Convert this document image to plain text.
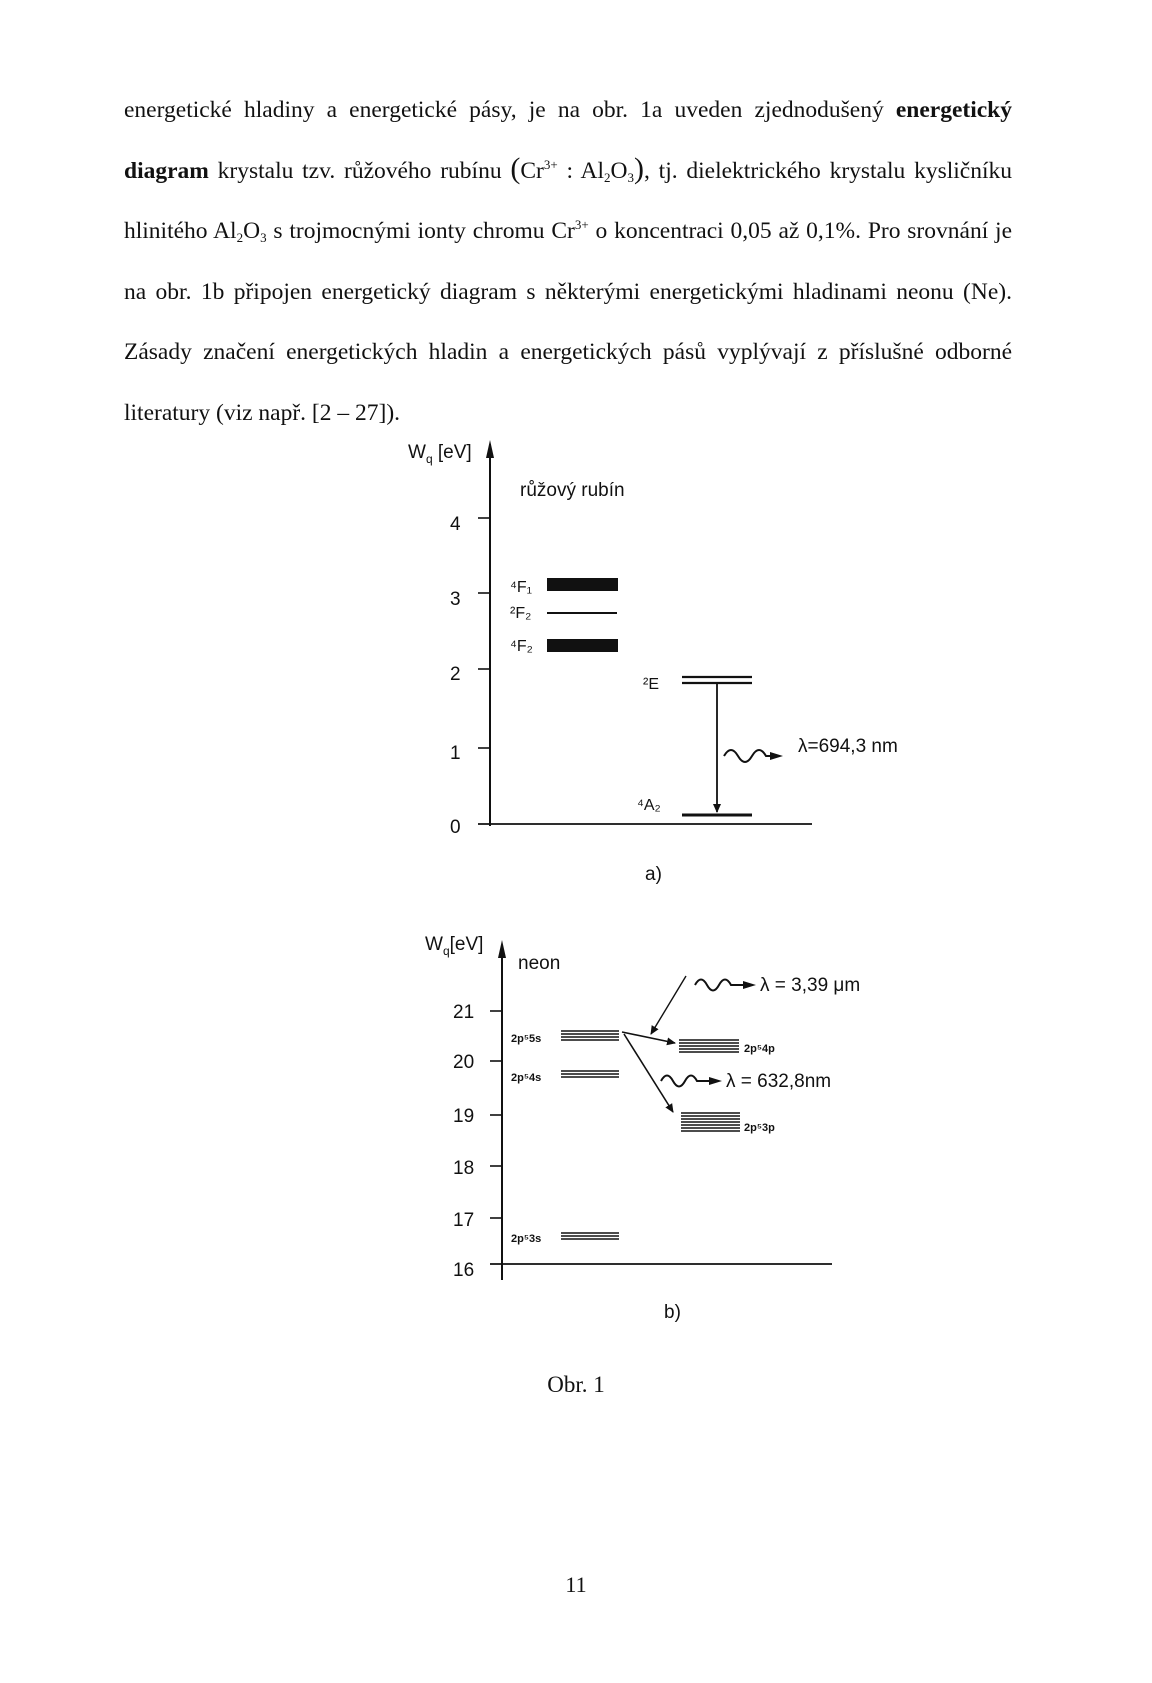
energetické hladiny a energetické pásy, je na obr. 1a uveden zjednodušený energetický diagram krystalu tzv. růžového rubínu ($Cr^{3+}$ : $Al_2O_3$), tj. dielektrického krystalu kysličníku hlinitého $Al_2O_3$ s trojmocnými ionty chromu $Cr^{3+}$ o koncentraci 0,05 až 0,1%. Pro srovnání je na obr. 1b připojen energetický diagram s některými energetickými hladinami neonu (Ne). Zásady značení energetických hladin a energetických pásů vyplývají z příslušné odborné literatury (viz např. [2 – 27]).
$W_q$ [eV]
4
3
2
1
0
růžový rubín
⁴F₁
²F₂
⁴F₂
²E
⁴A₂
λ=694,3 nm
a)
$W_q[eV]$
21
20
19
18
17
16
neon
2p⁵5s
2p⁵4s
2p⁵4p
2p⁵3p
2p⁵3s
λ = 3,39 μm
λ = 632,8nm
b)
Obr. 1
11
